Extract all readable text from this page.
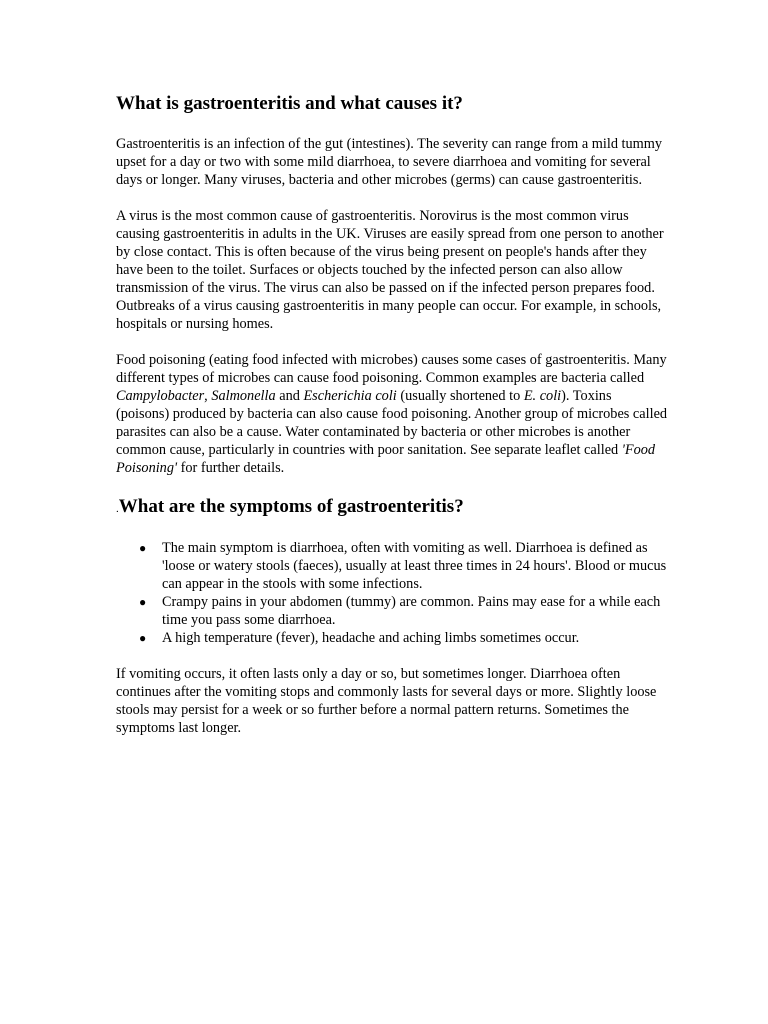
What is gastroenteritis and what causes it?

Gastroenteritis is an infection of the gut (intestines). The severity can range from a mild tummy upset for a day or two with some mild diarrhoea, to severe diarrhoea and vomiting for several days or longer. Many viruses, bacteria and other microbes (germs) can cause gastroenteritis.

A virus is the most common cause of gastroenteritis. Norovirus is the most common virus causing gastroenteritis in adults in the UK. Viruses are easily spread from one person to another by close contact. This is often because of the virus being present on people's hands after they have been to the toilet. Surfaces or objects touched by the infected person can also allow transmission of the virus. The virus can also be passed on if the infected person prepares food. Outbreaks of a virus causing gastroenteritis in many people can occur. For example, in schools, hospitals or nursing homes.

Food poisoning (eating food infected with microbes) causes some cases of gastroenteritis. Many different types of microbes can cause food poisoning. Common examples are bacteria called Campylobacter, Salmonella and Escherichia coli (usually shortened to E. coli). Toxins (poisons) produced by bacteria can also cause food poisoning. Another group of microbes called parasites can also be a cause. Water contaminated by bacteria or other microbes is another common cause, particularly in countries with poor sanitation. See separate leaflet called 'Food Poisoning' for further details.

.What are the symptoms of gastroenteritis?
● The main symptom is diarrhoea, often with vomiting as well. Diarrhoea is defined as 'loose or watery stools (faeces), usually at least three times in 24 hours'. Blood or mucus can appear in the stools with some infections.
● Crampy pains in your abdomen (tummy) are common. Pains may ease for a while each time you pass some diarrhoea.
● A high temperature (fever), headache and aching limbs sometimes occur.

If vomiting occurs, it often lasts only a day or so, but sometimes longer. Diarrhoea often continues after the vomiting stops and commonly lasts for several days or more. Slightly loose stools may persist for a week or so further before a normal pattern returns. Sometimes the symptoms last longer.
